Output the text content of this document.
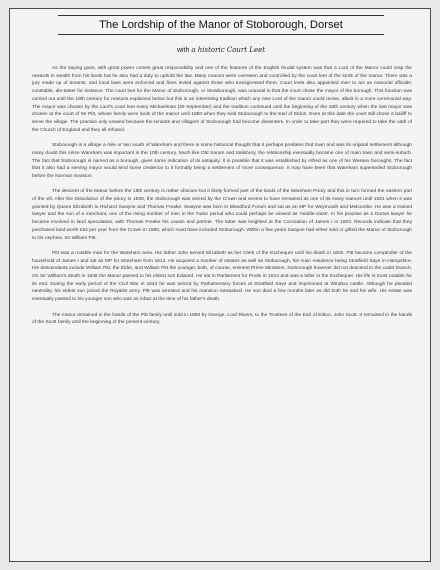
The Lordship of the Manor of Stoborough, Dorset
with a historic Court Leet

As the saying goes, with great power comes great responsibility and one of the features of the English feudal system was that a Lord of the Manor could reap the rewards in wealth from his lands but he also had a duty to uphold the law. Many manors were overseen and controlled by the court leet of the lords of the manor. There was a jury made up of tenants, and local laws were enforced and fines levied against those who transgressed them. Court leets also appointed men to act as manorial officials: constable, ale-taster for instance. The court leet for the Manor of Stoborough, or Stowborough, was unusual in that the court chose the mayor of the borough. This function was carried out until the 18th century for reasons explained below but this is an interesting tradition which any new Lord of the manor could revive, albeit in a more ceremonial way. The mayor was chosen by the Lord's court leet every Michaelmas (29 September) and the tradition continued until the beginning of the 18th century when the last mayor was chosen at the court of Mr Pitt, whose family were lords of the manor until 1850 when they sold Stoborough to the Earl of Eldon. Even at this date the court still chose a bailiff to serve the village. The practice only ceased because the tenants and villagers of Stoborough had become dissenters. In order to take part they were required to take the oath of the Church of England and they all refused.

Stoborough is a village a mile or two south of Wareham and there is some historical thought that it perhaps predates that town and was its original settlement although many doubt this since Wareham was important in the 10th century. Much like Old Sarum and Salisbury, the relationship eventually became one of main town and semi-suburb. The fact that Stoborough is named as a borough, gives some indication of its antiquity. It is possible that it was established by Alfred as one of his Wessex boroughs. The fact that it also had a serving mayor would lend some credence to it formally being a settlement of more consequence. It may have been that Wareham superseded Stoborough before the Norman invasion.

The descent of the Manor before the 15th century is rather obscure but it likely formed part of the lands of the Wareham Priory and this in turn formed the eastern part of the vill. After the Dissolution of the priory in 1538, the Stoborough was seized by the Crown and seems to have remained as one of its many manors until 1591 when it was granted by Queen Elizabeth to Richard Swayne and Thomas Freake. Swayne was born in Blandford Forum and sat as an MP for Weymouth and Melcombe. He was a trained lawyer and the son of a merchant, one of the rising number of men in the Tudor period who could perhaps be viewed as 'middle-class'. In his practise as a Dorset lawyer he became involved in land speculation, with Thomas Freake his cousin and partner. The latter was knighted at the Coronation of James I in 1603. Records indicate that they purchased land worth £64 per year from the Crown in 1590, which must have included Stoborough. Within a few years Swayne had either sold or gifted the Manor of Stoborough to his nephew, Sir William Pitt.

Pitt was a notable man for the Wareham area. His father John served Elizabeth as her Clerk of the Exchequer until his death in 1602. Pitt became comptroller of the household of James I and sat as MP for Wareham from 1614. He acquired a number of estates as well as Stoborough, his main residence being Stratfield Saye in Hampshire. His descendants include William Pitt, the Elder, and William Pitt the younger, both, of course, eminent Prime Ministers. Stoborough however did not descend to the cadet branch. On Sir William's death in 1636 the Manor passed to his eldest son Edward. He sat in Parliament for Poole in 1624 and was a teller in the Exchequer. His life is most notable for its end. During the early period of the Civil War in 1643 he was seized by Parliamentary forces at Stratfield Saye and imprisoned at Windsor castle. Although he pleaded neutrality, his eldest son joined the Royalist army. Pitt was arrested and his mansion ransacked. He son died a few months later as did both he and his wife. His estate was eventually passed to his younger son who was an infact at the time of his father's death.

The manor remained in the hands of the Pitt family until sold in 1850 by George, Lord Rivers, to the Trustees of the Earl of Eldon, John Scott. It remained in the hands of the Scott family until the beginning of the present century.
